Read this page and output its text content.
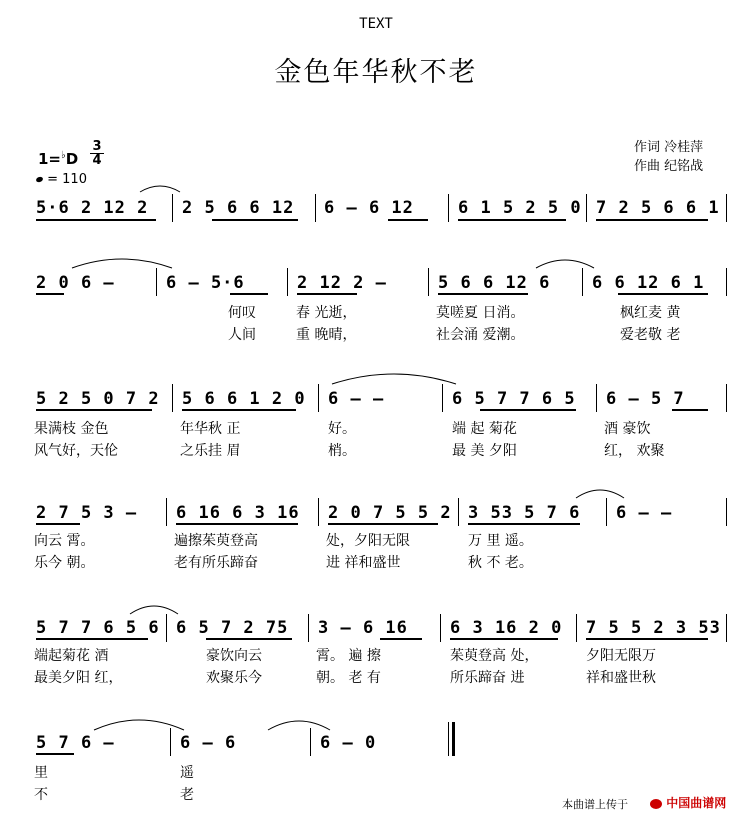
TEXT
金色年华秋不老
作词 冷桂萍
作曲 纪铭战
1=♭D
3
4
= 110
5·6 2 12 2 2 5 6 6 12 6 – 6 12	6 1 5 2 5 0 7 2 5 6 6 1
2 0 6 –	6 – 5·6	2 12 2 –	5 6 6 12 6 6 6 12 6 1
何叹	春 光逝，	莫嗟夏 日消。	枫红麦 黄
人间	重 晚晴，	社会涌 爱潮。	爱老敬 老
5 2 5 0 7 2 5 6 6 1 2 0 6 – –	6 5 7 7 6 5 6 – 5 7
果满枝 金色	年华秋 正	好。	端 起 菊花	酒 豪饮
风气好，天伦	之乐挂 眉	梢。	最 美 夕阳	红， 欢聚
2 7 5 3 – 6 16 6 3 16 2 0 7 5 5 2 3 53 5 7 6 6 – –
向云 霄。	遍擦茱萸登高	处，夕阳无限	万 里 遥。
乐今 朝。	老有所乐蹄奋	进 祥和盛世	秋 不 老。
5 7 7 6 5 6 6 5 7 2 75 3 – 6 16 6 3 16 2 0 7 5 5 2 3 53
端起菊花 酒	豪饮向云	霄。 遍 擦	茱萸登高 处，	夕阳无限万
最美夕阳 红，	欢聚乐今	朝。 老 有	所乐蹄奋 进	祥和盛世秋
5 7 6 –	6 – 6	6 – 0
里	遥
不	老
本曲谱上传于	中国曲谱网
